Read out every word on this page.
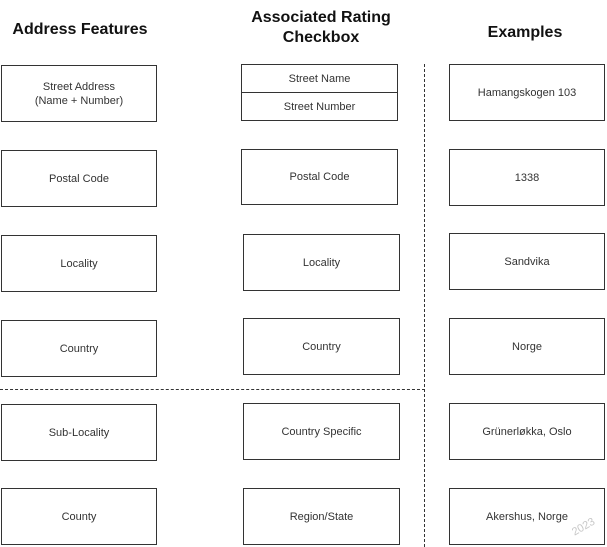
Address Features
Associated Rating
Checkbox	Examples
Street Address
(Name + Number)
Postal Code
Locality
Country
Sub-Locality
County
Street Name
Street Number
Postal Code
Locality
Country
Country Specific
Region/State
Hamangskogen 103
1338
Sandvika
Norge
Grünerløkka, Oslo
Akershus, Norge 2023
